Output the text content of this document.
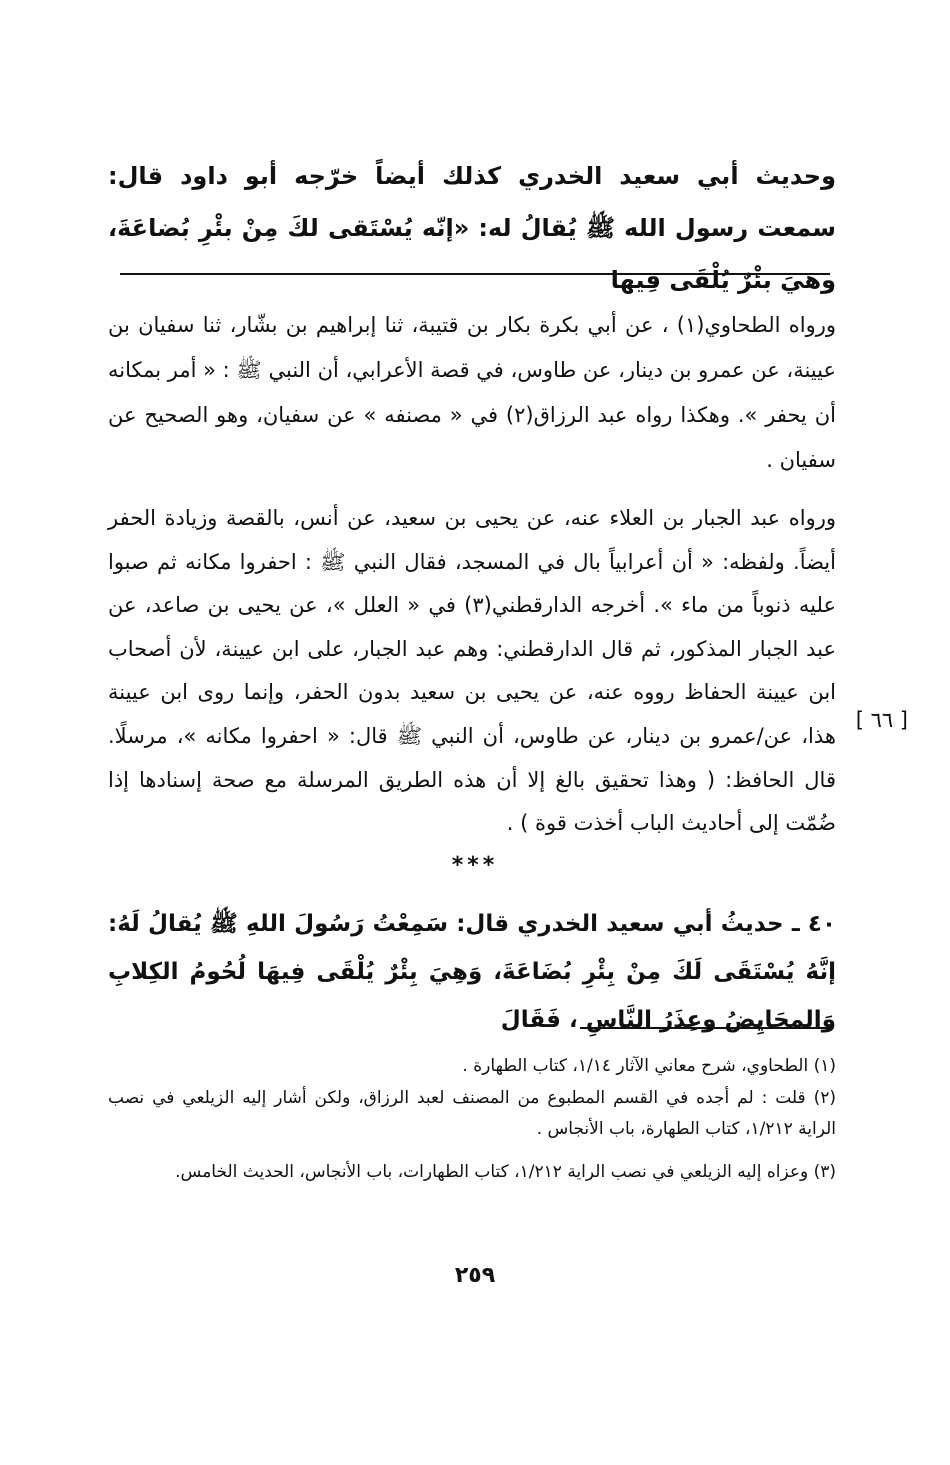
وحديث أبي سعيد الخدري كذلك أيضاً خرّجه أبو داود قال: سمعت رسول الله ﷺ يُقالُ له: «إنّه يُسْتَقى لكَ مِنْ بئْرِ بُضاعَةَ، وهيَ بئْرٌ يُلْقَى فِيها
ورواه الطحاوي(١) ، عن أبي بكرة بكار بن قتيبة، ثنا إبراهيم بن بشّار، ثنا سفيان بن عيينة، عن عمرو بن دينار، عن طاوس، في قصة الأعرابي، أن النبي ﷺ : « أمر بمكانه أن يحفر ». وهكذا رواه عبد الرزاق(٢) في « مصنفه » عن سفيان، وهو الصحيح عن سفيان .
ورواه عبد الجبار بن العلاء عنه، عن يحيى بن سعيد، عن أنس، بالقصة وزيادة الحفر أيضاً. ولفظه: « أن أعرابياً بال في المسجد، فقال النبي ﷺ : احفروا مكانه ثم صبوا عليه ذنوباً من ماء ». أخرجه الدارقطني(٣) في « العلل »، عن يحيى بن صاعد، عن عبد الجبار المذكور، ثم قال الدارقطني: وهم عبد الجبار، على ابن عيينة، لأن أصحاب ابن عيينة الحفاظ رووه عنه، عن يحيى بن سعيد بدون الحفر، وإنما روى ابن عيينة هذا، عن/عمرو بن دينار، عن طاوس، أن النبي ﷺ قال: « احفروا مكانه »، مرسلًا. قال الحافظ: ( وهذا تحقيق بالغ إلا أن هذه الطريق المرسلة مع صحة إسنادها إذا ضُمّت إلى أحاديث الباب أخذت قوة ) .
[ ٦٦ ]
***
٤٠ ـ حديثُ أبي سعيد الخدري قال: سَمِعْتُ رَسُولَ اللهِ ﷺ يُقالُ لَهُ: إنَّهُ يُسْتَقَى لَكَ مِنْ بِئْرِ بُضَاعَةَ، وَهِيَ بِئْرٌ يُلْقَى فِيهَا لُحُومُ الكِلابِ وَالمحَايِضُ وعِذَرُ النَّاسِ ، فَقَالَ
(١) الطحاوي، شرح معاني الآثار ١/١٤، كتاب الطهارة .
(٢) قلت : لم أجده في القسم المطبوع من المصنف لعبد الرزاق، ولكن أشار إليه الزيلعي في نصب الراية ١/٢١٢، كتاب الطهارة، باب الأنجاس .
(٣) وعزاه إليه الزيلعي في نصب الراية ١/٢١٢، كتاب الطهارات، باب الأنجاس، الحديث الخامس.
٢٥٩
